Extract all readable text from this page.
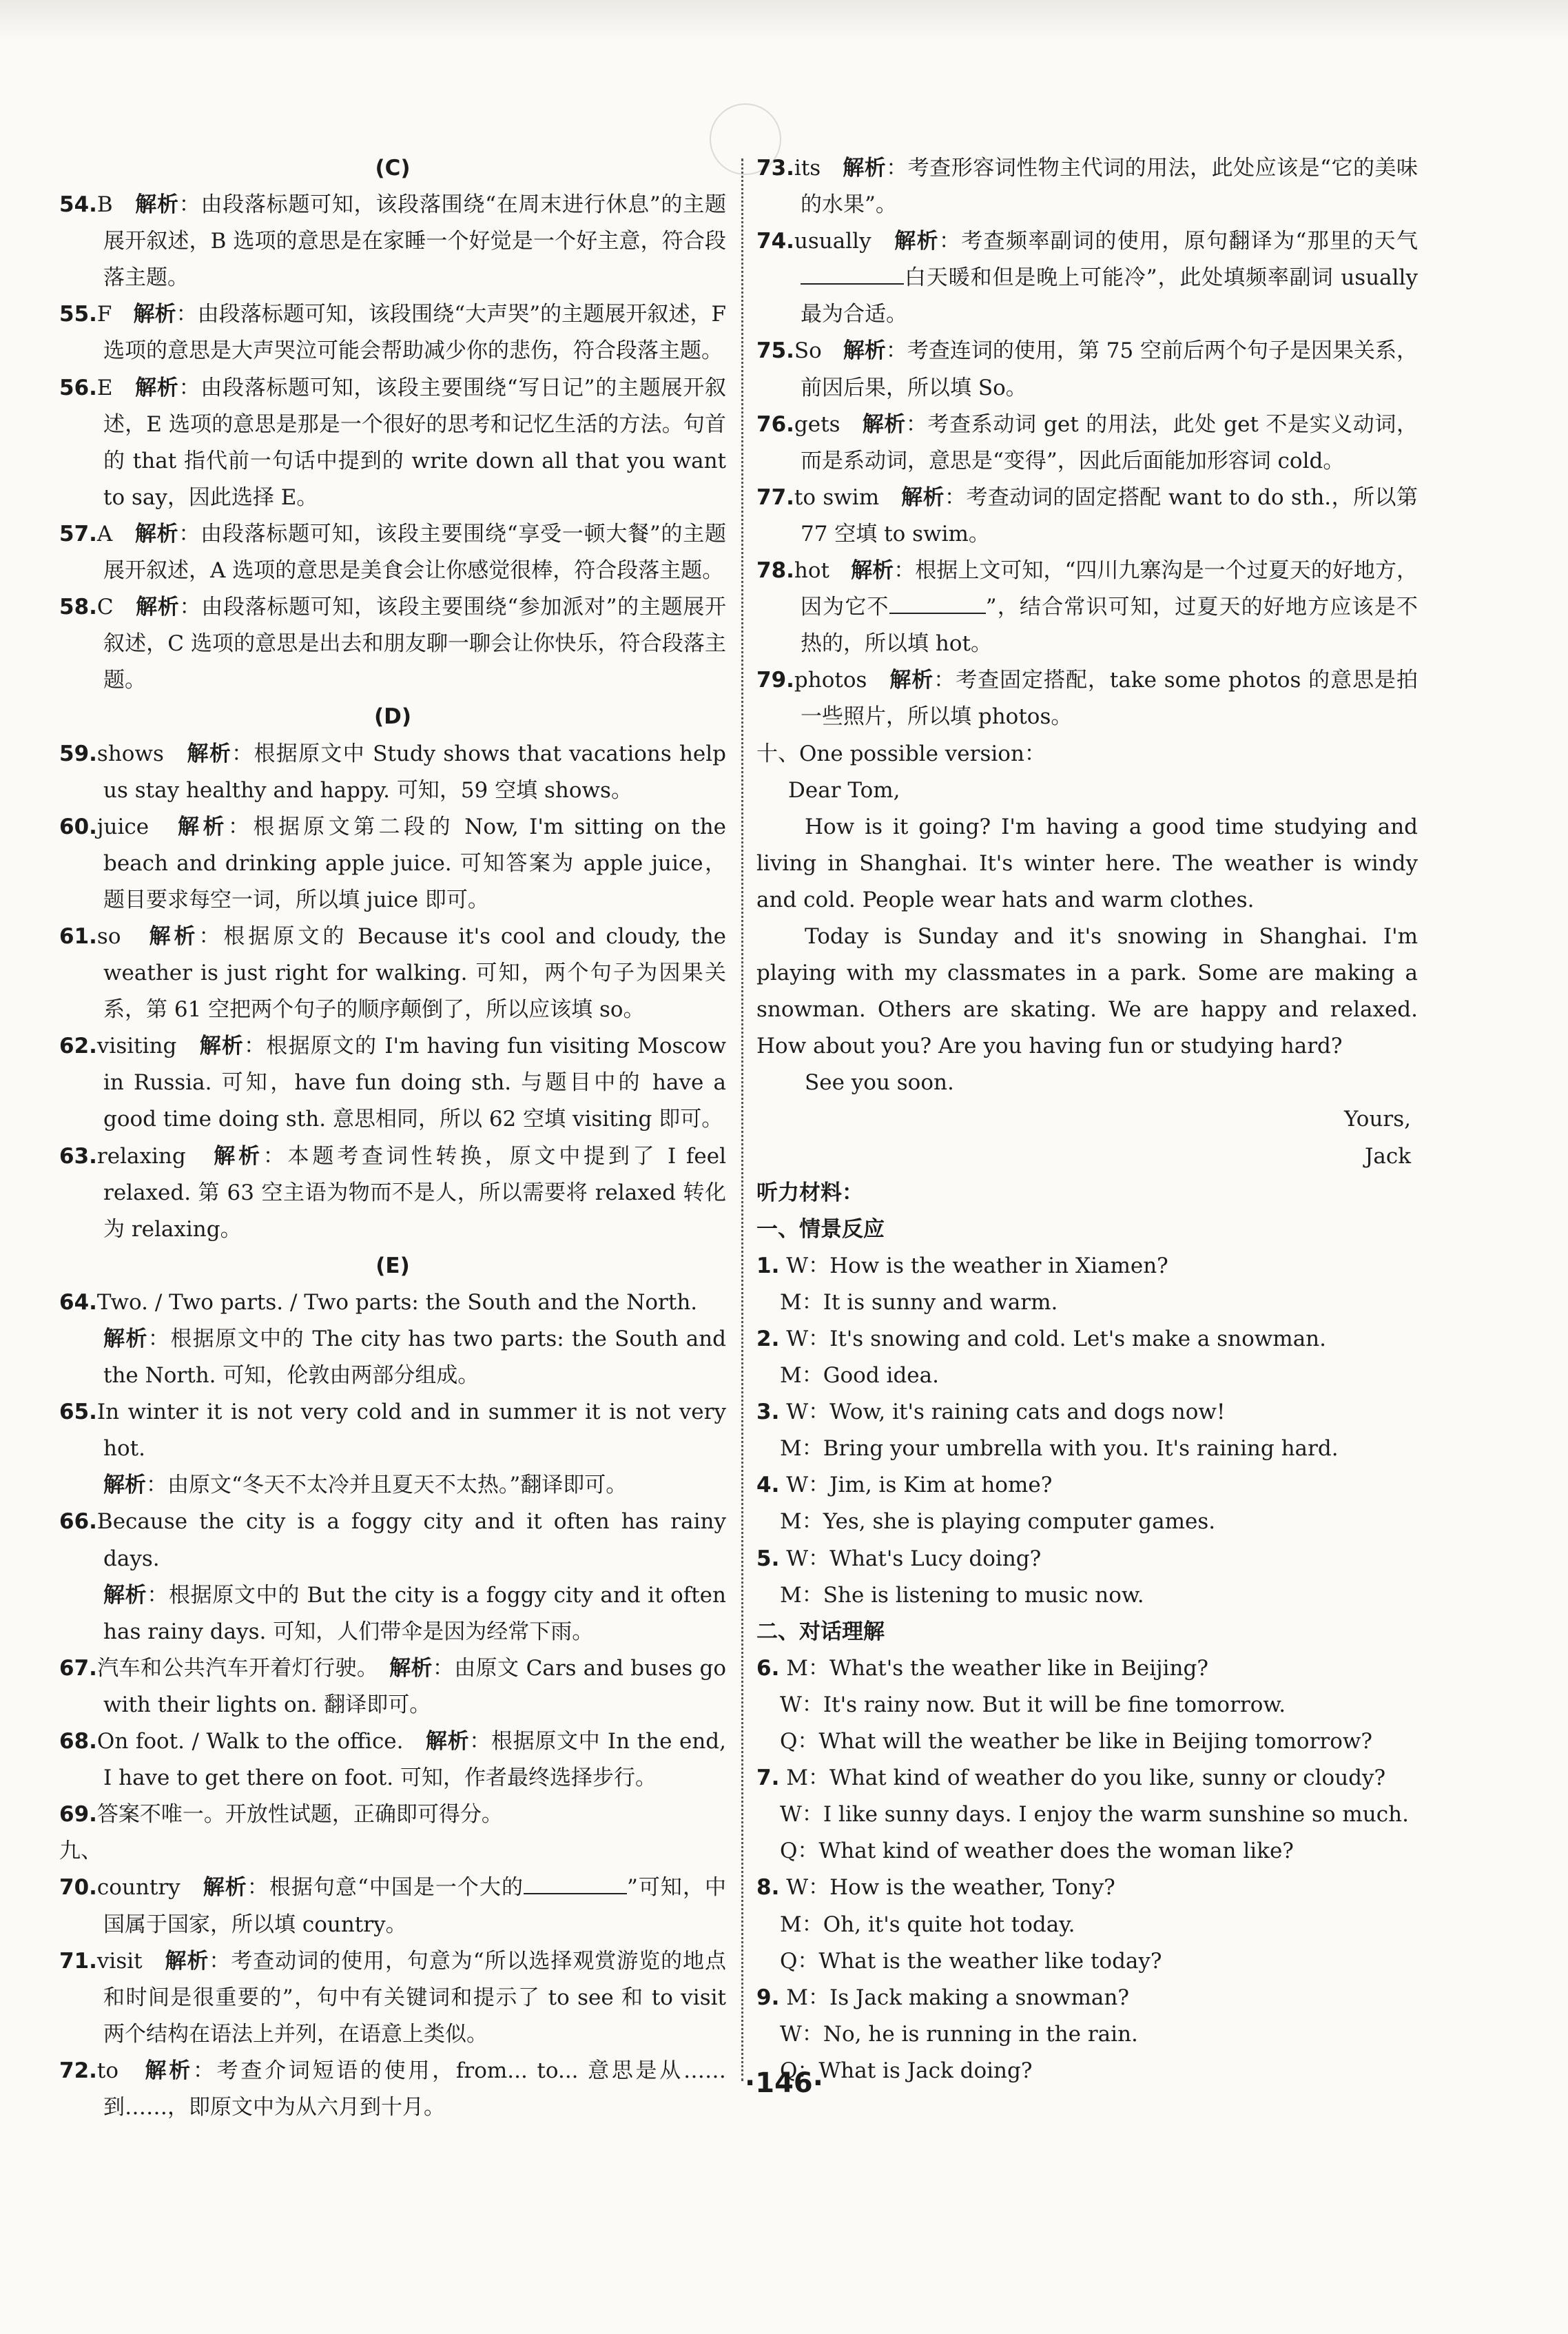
(C)

54.B　 解析：由段落标题可知，该段落围绕“在周末进行休息”的主题展开叙述，B 选项的意思是在家睡一个好觉是一个好主意，符合段落主题。

55.F　 解析：由段落标题可知，该段围绕“大声哭”的主题展开叙述，F 选项的意思是大声哭泣可能会帮助减少你的悲伤，符合段落主题。

56.E　 解析：由段落标题可知，该段主要围绕“写日记”的主题展开叙述，E 选项的意思是那是一个很好的思考和记忆生活的方法。句首的 that 指代前一句话中提到的 write down all that you want to say，因此选择 E。

57.A　 解析：由段落标题可知，该段主要围绕“享受一顿大餐”的主题展开叙述，A 选项的意思是美食会让你感觉很棒，符合段落主题。

58.C　 解析：由段落标题可知，该段主要围绕“参加派对”的主题展开叙述，C 选项的意思是出去和朋友聊一聊会让你快乐，符合段落主题。

(D)

59.shows　 解析：根据原文中 Study shows that vacations help us stay healthy and happy. 可知，59 空填 shows。

60.juice　 解析：根据原文第二段的 Now, I'm sitting on the beach and drinking apple juice. 可知答案为 apple juice，题目要求每空一词，所以填 juice 即可。

61.so　 解析：根据原文的 Because it's cool and cloudy, the weather is just right for walking. 可知，两个句子为因果关系，第 61 空把两个句子的顺序颠倒了，所以应该填 so。

62.visiting　 解析：根据原文的 I'm having fun visiting Moscow in Russia. 可知，have fun doing sth. 与题目中的 have a good time doing sth. 意思相同，所以 62 空填 visiting 即可。

63.relaxing　 解析：本题考查词性转换，原文中提到了 I feel relaxed. 第 63 空主语为物而不是人，所以需要将 relaxed 转化为 relaxing。

(E)

64.Two. / Two parts. / Two parts: the South and the North.

解析：根据原文中的 The city has two parts: the South and the North. 可知，伦敦由两部分组成。

65.In winter it is not very cold and in summer it is not very hot.

解析：由原文“冬天不太冷并且夏天不太热。”翻译即可。

66.Because the city is a foggy city and it often has rainy days.

解析：根据原文中的 But the city is a foggy city and it often has rainy days. 可知，人们带伞是因为经常下雨。

67.汽车和公共汽车开着灯行驶。　 解析：由原文 Cars and buses go with their lights on. 翻译即可。

68.On foot. / Walk to the office.　 解析：根据原文中 In the end, I have to get there on foot. 可知，作者最终选择步行。

69.答案不唯一。开放性试题，正确即可得分。

九、

70.country　 解析：根据句意“中国是一个大的	”可知，中国属于国家，所以填 country。

71.visit　 解析：考查动词的使用，句意为“所以选择观赏游览的地点和时间是很重要的”，句中有关键词和提示了 to see 和 to visit 两个结构在语法上并列，在语意上类似。

72.to　 解析：考查介词短语的使用，from... to... 意思是从……到……，即原文中为从六月到十月。

73.its　 解析：考查形容词性物主代词的用法，此处应该是“它的美味的水果”。

74.usually　 解析：考查频率副词的使用，原句翻译为“那里的天气白天暖和但是晚上可能冷”，此处填频率副词 usually 最为合适。

75.So　 解析：考查连词的使用，第 75 空前后两个句子是因果关系，前因后果，所以填 So。

76.gets　 解析：考查系动词 get 的用法，此处 get 不是实义动词，而是系动词，意思是“变得”，因此后面能加形容词 cold。

77.to swim　 解析：考查动词的固定搭配 want to do sth.，所以第 77 空填 to swim。

78.hot　 解析：根据上文可知，“四川九寨沟是一个过夏天的好地方，因为它不	”，结合常识可知，过夏天的好地方应该是不热的，所以填 hot。

79.photos　 解析：考查固定搭配，take some photos 的意思是拍一些照片，所以填 photos。

十、One possible version：

Dear Tom,

How is it going? I'm having a good time studying and living in Shanghai. It's winter here. The weather is windy and cold. People wear hats and warm clothes.

Today is Sunday and it's snowing in Shanghai. I'm playing with my classmates in a park. Some are making a snowman. Others are skating. We are happy and relaxed. How about you? Are you having fun or studying hard?

See you soon.

Yours,

Jack

听力材料：

一、情景反应

1. W：How is the weather in Xiamen?

M：It is sunny and warm.

2. W：It's snowing and cold. Let's make a snowman.

M：Good idea.

3. W：Wow, it's raining cats and dogs now!

M：Bring your umbrella with you. It's raining hard.

4. W：Jim, is Kim at home?

M：Yes, she is playing computer games.

5. W：What's Lucy doing?

M：She is listening to music now.

二、对话理解

6. M：What's the weather like in Beijing?

W：It's rainy now. But it will be fine tomorrow.

Q：What will the weather be like in Beijing tomorrow?

7. M：What kind of weather do you like, sunny or cloudy?

W：I like sunny days. I enjoy the warm sunshine so much.

Q：What kind of weather does the woman like?

8. W：How is the weather, Tony?

M：Oh, it's quite hot today.

Q：What is the weather like today?

9. M：Is Jack making a snowman?

W：No, he is running in the rain.

Q：What is Jack doing?

·146·
